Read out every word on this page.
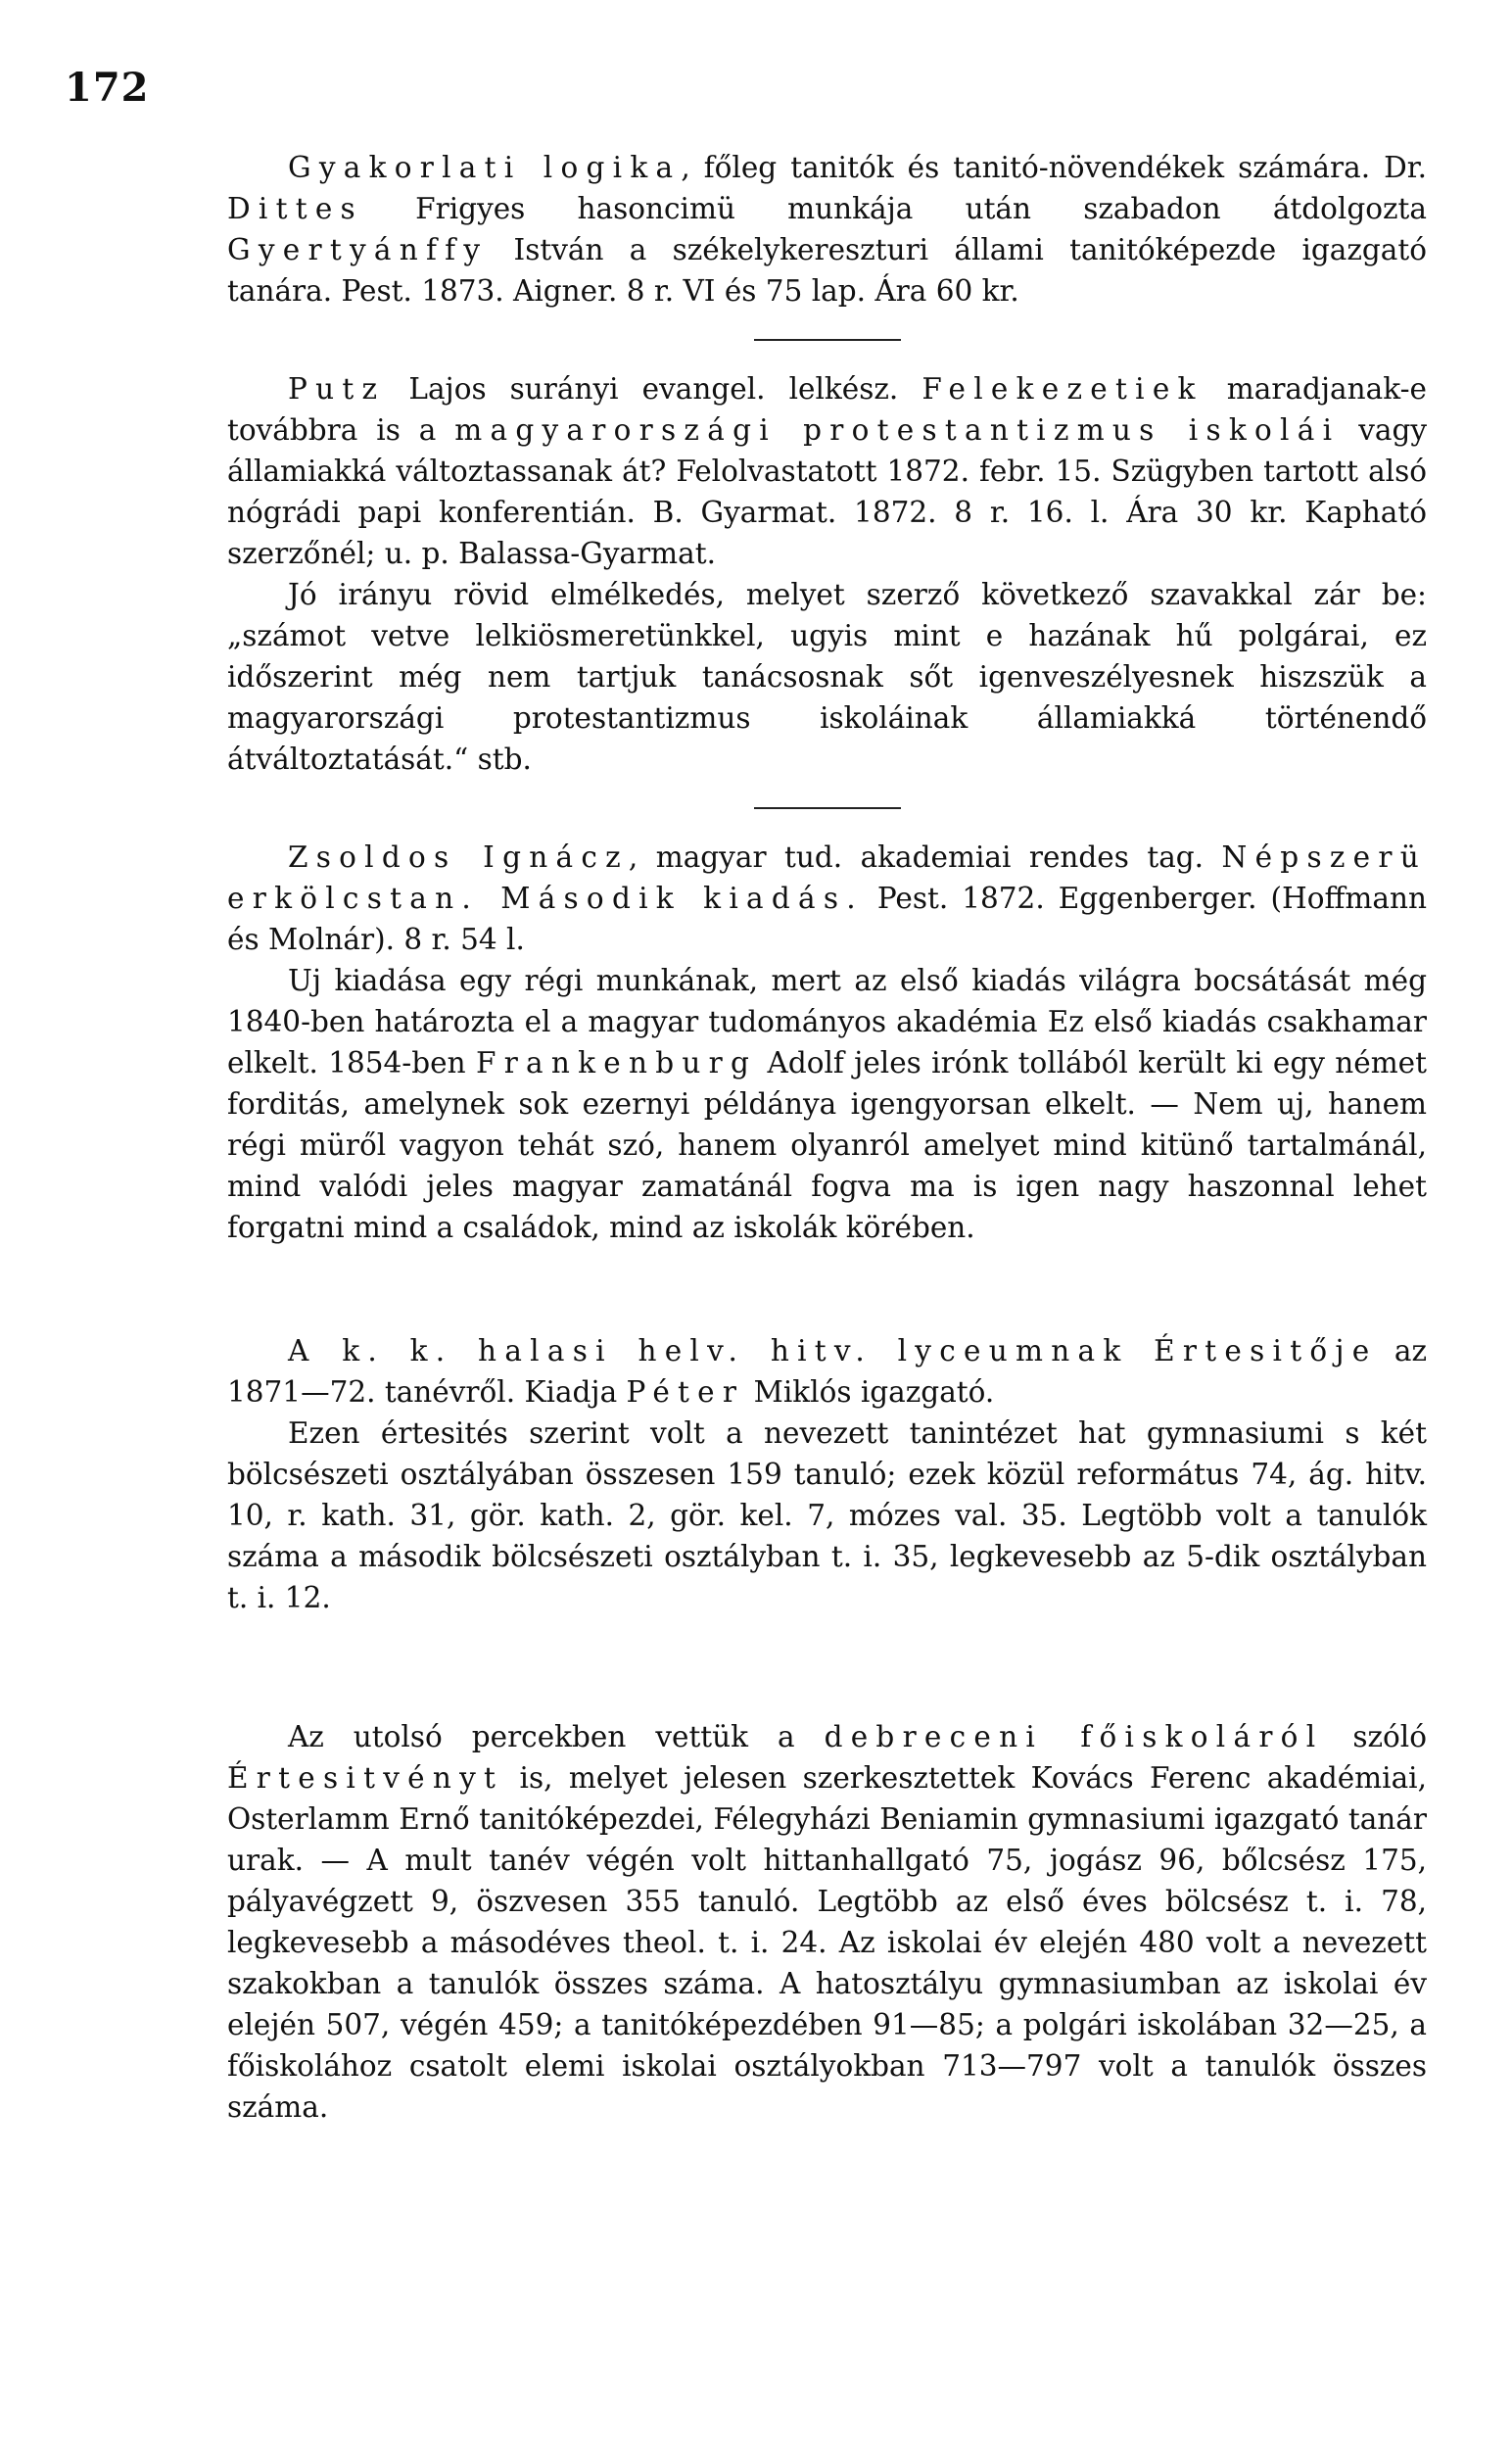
172

Gyakorlati logika, főleg tanitók és tanitó-növendékek számára. Dr. Dittes Frigyes hasoncimü munkája után szabadon átdolgozta Gyertyánffy István a székelykereszturi állami tanitóképezde igazgató tanára. Pest. 1873. Aigner. 8 r. VI és 75 lap. Ára 60 kr.

Putz Lajos surányi evangel. lelkész. Felekezetiek maradjanak-e továbbra is a magyarországi protestantizmus iskolái vagy államiakká változtassanak át? Felolvastatott 1872. febr. 15. Szügyben tartott alsó nógrádi papi konferentián. B. Gyarmat. 1872. 8 r. 16. l. Ára 30 kr. Kapható szerzőnél; u. p. Balassa-Gyarmat.

Jó irányu rövid elmélkedés, melyet szerző következő szavakkal zár be: „számot vetve lelkiösmeretünkkel, ugyis mint e hazának hű polgárai, ez időszerint még nem tartjuk tanácsosnak sőt igenveszélyesnek hiszszük a magyarországi protestantizmus iskoláinak államiakká történendő átváltoztatását.“ stb.

Zsoldos Ignácz, magyar tud. akademiai rendes tag. Népszerü erkölcstan. Második kiadás. Pest. 1872. Eggenberger. (Hoffmann és Molnár). 8 r. 54 l.

Uj kiadása egy régi munkának, mert az első kiadás világra bocsátását még 1840-ben határozta el a magyar tudományos akadémia Ez első kiadás csakhamar elkelt. 1854-ben Frankenburg Adolf jeles irónk tollából került ki egy német forditás, amelynek sok ezernyi példánya igengyorsan elkelt. — Nem uj, hanem régi müről vagyon tehát szó, hanem olyanról amelyet mind kitünő tartalmánál, mind valódi jeles magyar zamatánál fogva ma is igen nagy haszonnal lehet forgatni mind a családok, mind az iskolák körében.

A k. k. halasi helv. hitv. lyceumnak Értesitője az 1871—72. tanévről. Kiadja Péter Miklós igazgató.

Ezen értesités szerint volt a nevezett tanintézet hat gymnasiumi s két bölcsészeti osztályában összesen 159 tanuló; ezek közül református 74, ág. hitv. 10, r. kath. 31, gör. kath. 2, gör. kel. 7, mózes val. 35. Legtöbb volt a tanulók száma a második bölcsészeti osztályban t. i. 35, legkevesebb az 5-dik osztályban t. i. 12.

Az utolsó percekben vettük a debreceni főiskoláról szóló Értesitvényt is, melyet jelesen szerkesztettek Kovács Ferenc akadémiai, Osterlamm Ernő tanitóképezdei, Félegyházi Beniamin gymnasiumi igazgató tanár urak. — A mult tanév végén volt hittanhallgató 75, jogász 96, bőlcsész 175, pályavégzett 9, öszvesen 355 tanuló. Legtöbb az első éves bölcsész t. i. 78, legkevesebb a másodéves theol. t. i. 24. Az iskolai év elején 480 volt a nevezett szakokban a tanulók összes száma. A hatosztályu gymnasiumban az iskolai év elején 507, végén 459; a tanitóképezdében 91—85; a polgári iskolában 32—25, a főiskolához csatolt elemi iskolai osztályokban 713—797 volt a tanulók összes száma.
